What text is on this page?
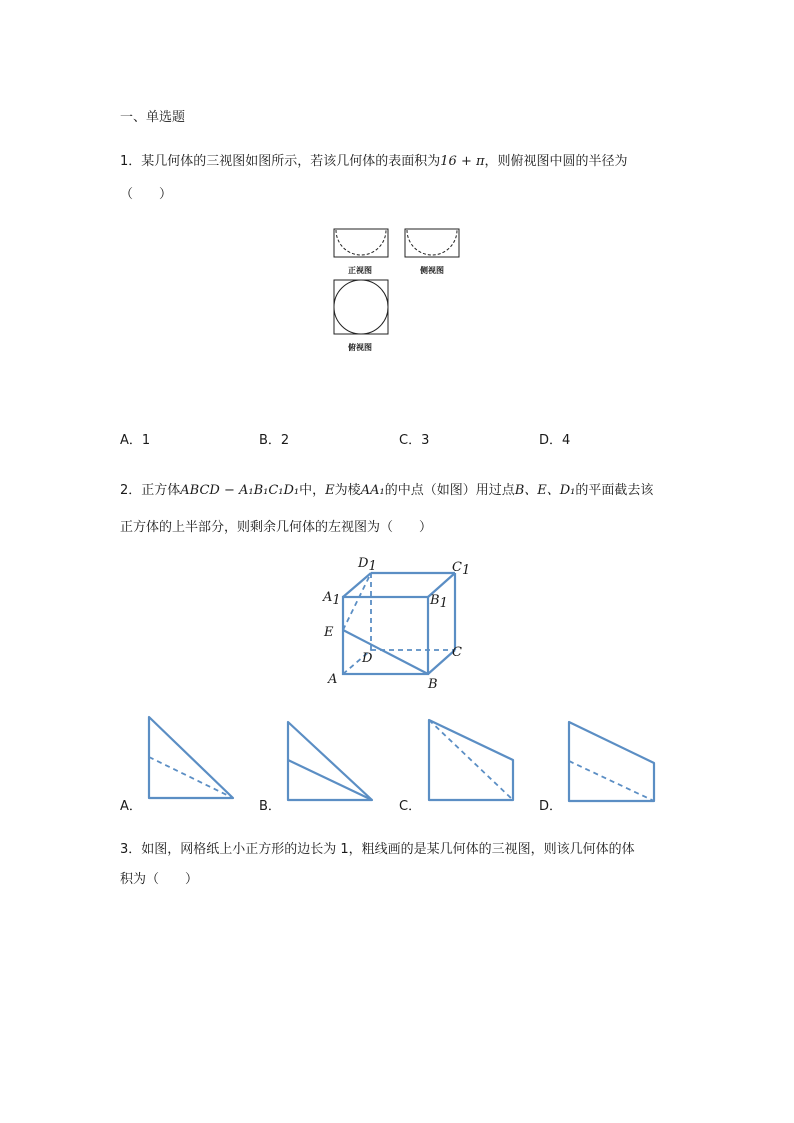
一、单选题
1．某几何体的三视图如图所示，若该几何体的表面积为16 + π，则俯视图中圆的半径为
（　　）
正视图	侧视图
俯视图
A．1	B．2	C．3	D．4
2．正方体ABCD − A₁B₁C₁D₁中，E为棱AA₁的中点（如图）用过点B、E、D₁的平面截去该
正方体的上半部分，则剩余几何体的左视图为（　　）
D1	C1
A1	B1
E
D	C
A	B
A．	B．	C．	D．
3．如图，网格纸上小正方形的边长为 1，粗线画的是某几何体的三视图，则该几何体的体
积为（　　）
